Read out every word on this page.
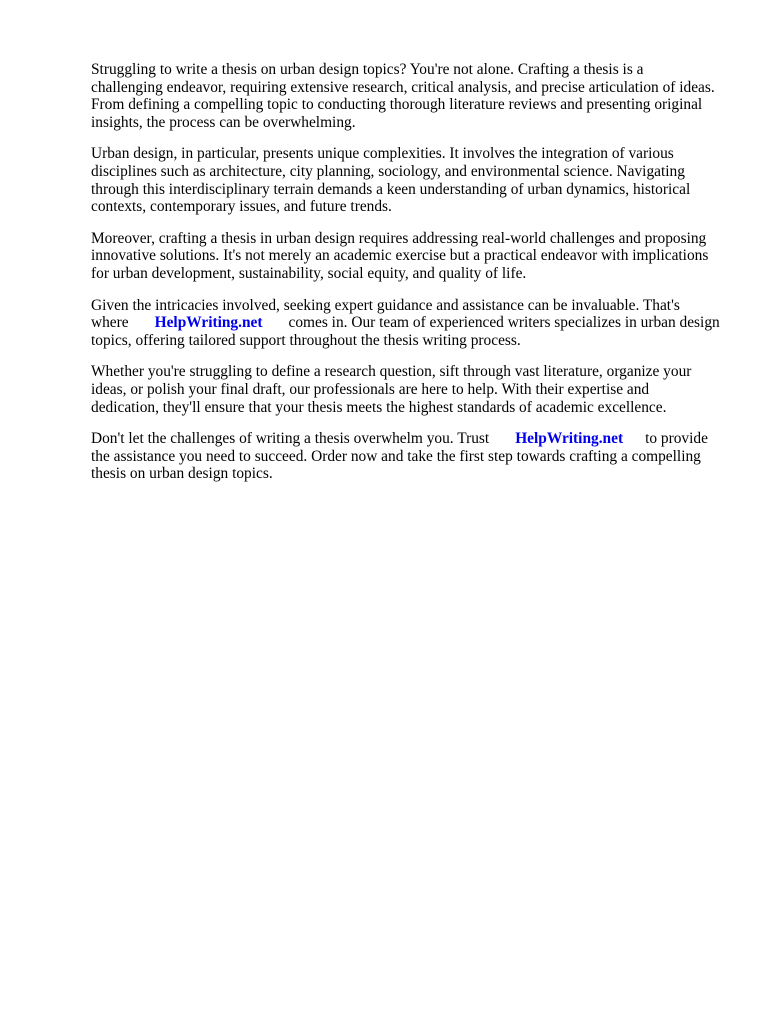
Struggling to write a thesis on urban design topics? You're not alone. Crafting a thesis is a
challenging endeavor, requiring extensive research, critical analysis, and precise articulation of ideas.
From defining a compelling topic to conducting thorough literature reviews and presenting original
insights, the process can be overwhelming.

Urban design, in particular, presents unique complexities. It involves the integration of various
disciplines such as architecture, city planning, sociology, and environmental science. Navigating
through this interdisciplinary terrain demands a keen understanding of urban dynamics, historical
contexts, contemporary issues, and future trends.

Moreover, crafting a thesis in urban design requires addressing real-world challenges and proposing
innovative solutions. It's not merely an academic exercise but a practical endeavor with implications
for urban development, sustainability, social equity, and quality of life.

Given the intricacies involved, seeking expert guidance and assistance can be invaluable. That's
where HelpWriting.net comes in. Our team of experienced writers specializes in urban design
topics, offering tailored support throughout the thesis writing process.

Whether you're struggling to define a research question, sift through vast literature, organize your
ideas, or polish your final draft, our professionals are here to help. With their expertise and
dedication, they'll ensure that your thesis meets the highest standards of academic excellence.

Don't let the challenges of writing a thesis overwhelm you. Trust HelpWriting.net to provide
the assistance you need to succeed. Order now and take the first step towards crafting a compelling
thesis on urban design topics.
